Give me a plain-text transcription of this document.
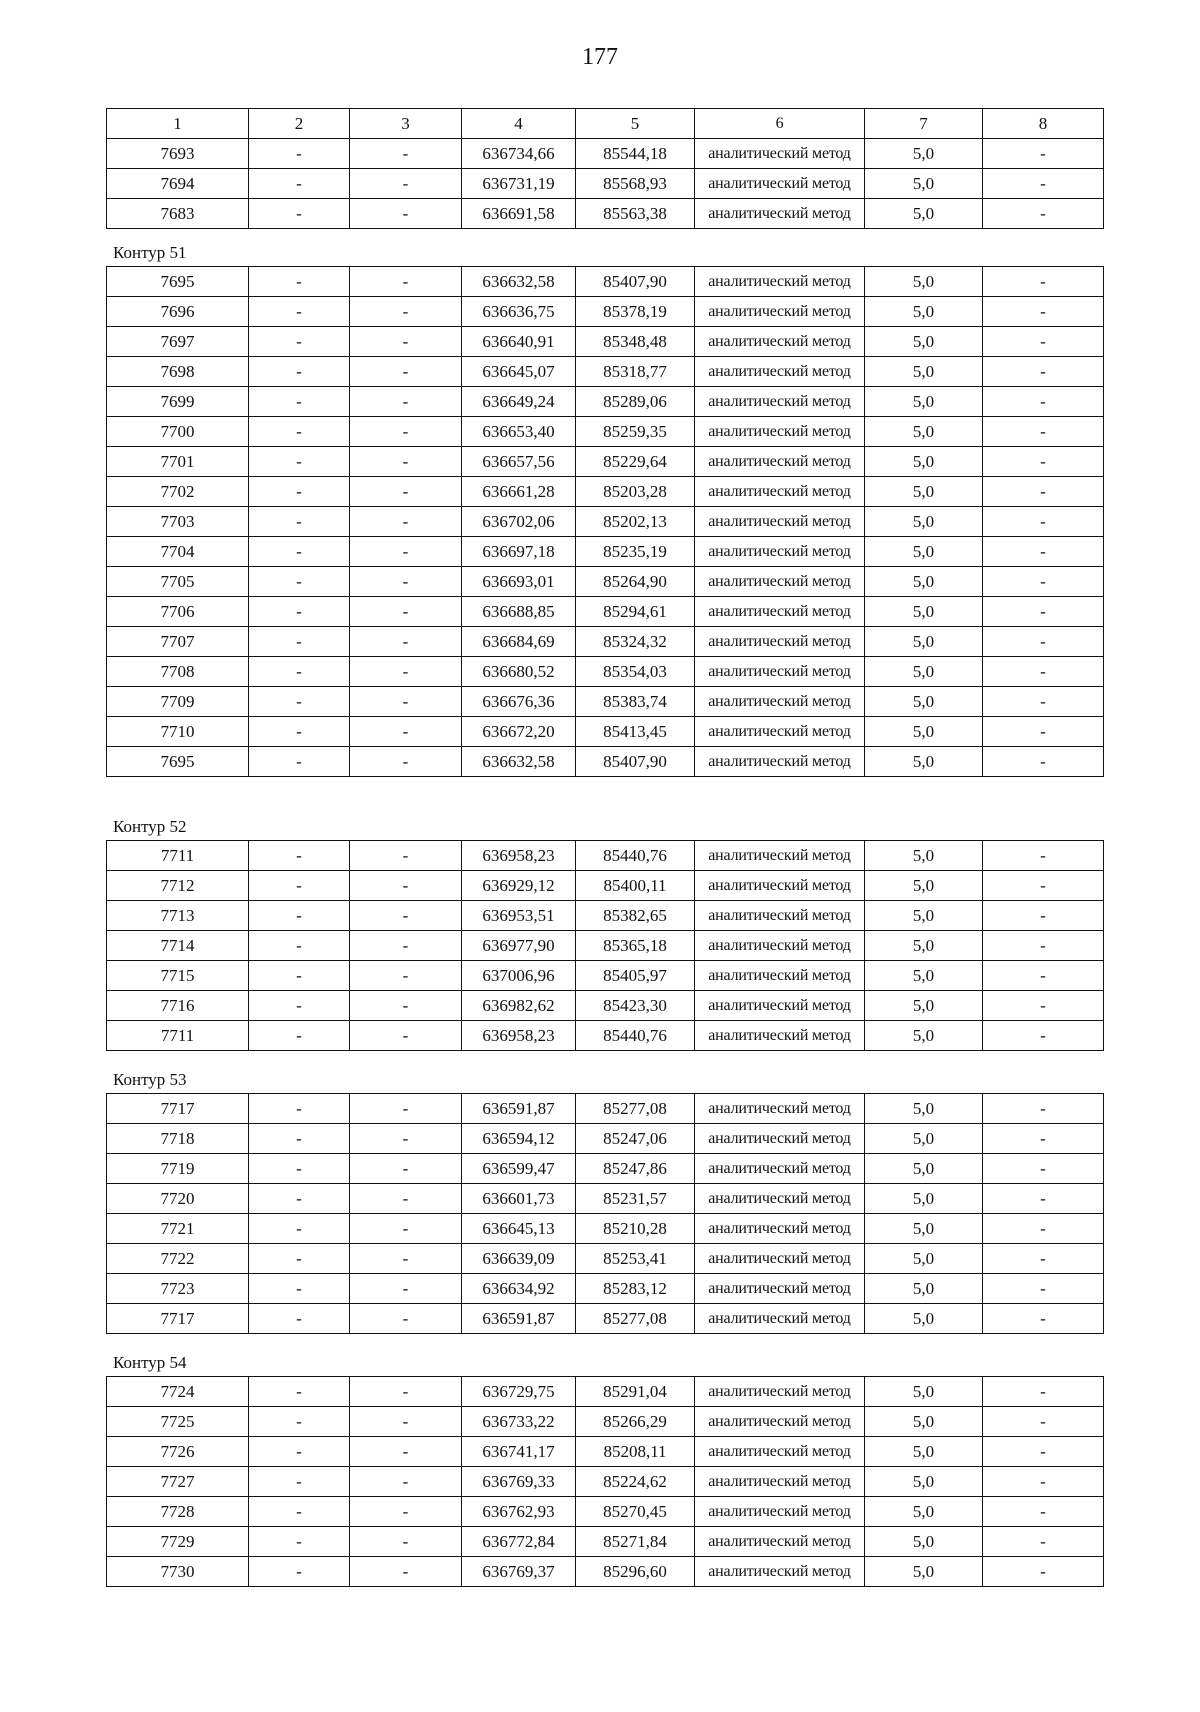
177
1	2	3	4	5	6	7	8
7693	-	-	636734,66	85544,18	аналитический метод	5,0	-
7694	-	-	636731,19	85568,93	аналитический метод	5,0	-
7683	-	-	636691,58	85563,38	аналитический метод	5,0	-
Контур 51
7695	-	-	636632,58	85407,90	аналитический метод	5,0	-
7696	-	-	636636,75	85378,19	аналитический метод	5,0	-
7697	-	-	636640,91	85348,48	аналитический метод	5,0	-
7698	-	-	636645,07	85318,77	аналитический метод	5,0	-
7699	-	-	636649,24	85289,06	аналитический метод	5,0	-
7700	-	-	636653,40	85259,35	аналитический метод	5,0	-
7701	-	-	636657,56	85229,64	аналитический метод	5,0	-
7702	-	-	636661,28	85203,28	аналитический метод	5,0	-
7703	-	-	636702,06	85202,13	аналитический метод	5,0	-
7704	-	-	636697,18	85235,19	аналитический метод	5,0	-
7705	-	-	636693,01	85264,90	аналитический метод	5,0	-
7706	-	-	636688,85	85294,61	аналитический метод	5,0	-
7707	-	-	636684,69	85324,32	аналитический метод	5,0	-
7708	-	-	636680,52	85354,03	аналитический метод	5,0	-
7709	-	-	636676,36	85383,74	аналитический метод	5,0	-
7710	-	-	636672,20	85413,45	аналитический метод	5,0	-
7695	-	-	636632,58	85407,90	аналитический метод	5,0	-
Контур 52
7711	-	-	636958,23	85440,76	аналитический метод	5,0	-
7712	-	-	636929,12	85400,11	аналитический метод	5,0	-
7713	-	-	636953,51	85382,65	аналитический метод	5,0	-
7714	-	-	636977,90	85365,18	аналитический метод	5,0	-
7715	-	-	637006,96	85405,97	аналитический метод	5,0	-
7716	-	-	636982,62	85423,30	аналитический метод	5,0	-
7711	-	-	636958,23	85440,76	аналитический метод	5,0	-
Контур 53
7717	-	-	636591,87	85277,08	аналитический метод	5,0	-
7718	-	-	636594,12	85247,06	аналитический метод	5,0	-
7719	-	-	636599,47	85247,86	аналитический метод	5,0	-
7720	-	-	636601,73	85231,57	аналитический метод	5,0	-
7721	-	-	636645,13	85210,28	аналитический метод	5,0	-
7722	-	-	636639,09	85253,41	аналитический метод	5,0	-
7723	-	-	636634,92	85283,12	аналитический метод	5,0	-
7717	-	-	636591,87	85277,08	аналитический метод	5,0	-
Контур 54
7724	-	-	636729,75	85291,04	аналитический метод	5,0	-
7725	-	-	636733,22	85266,29	аналитический метод	5,0	-
7726	-	-	636741,17	85208,11	аналитический метод	5,0	-
7727	-	-	636769,33	85224,62	аналитический метод	5,0	-
7728	-	-	636762,93	85270,45	аналитический метод	5,0	-
7729	-	-	636772,84	85271,84	аналитический метод	5,0	-
7730	-	-	636769,37	85296,60	аналитический метод	5,0	-
